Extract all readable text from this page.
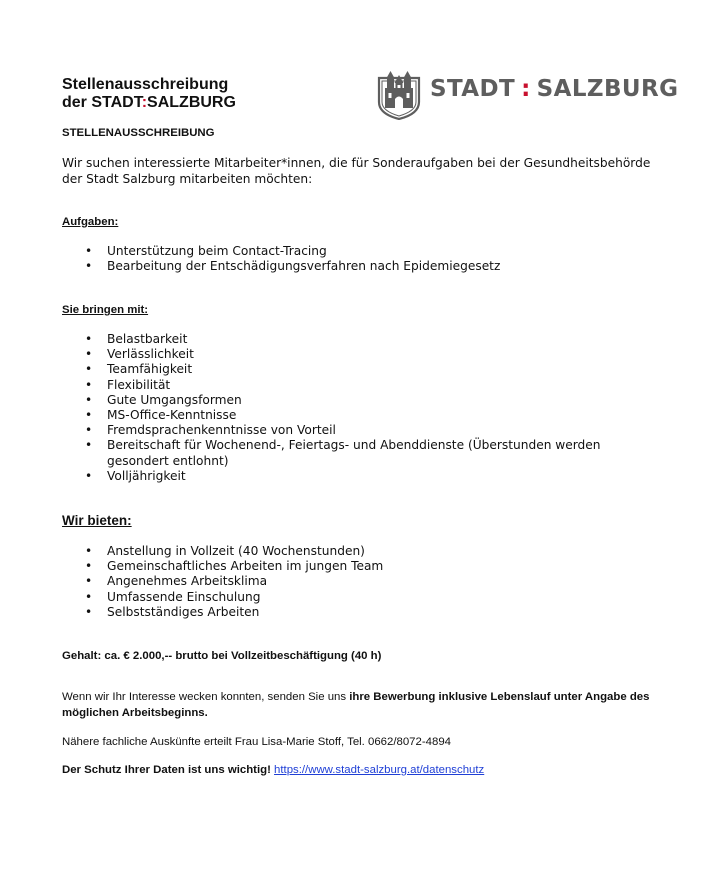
Stellenausschreibung
der STADT:SALZBURG
STADT : SALZBURG
STELLENAUSSCHREIBUNG
Wir suchen interessierte Mitarbeiter*innen, die für Sonderaufgaben bei der Gesundheitsbehörde der Stadt Salzburg mitarbeiten möchten:
Aufgaben:
• Unterstützung beim Contact-Tracing
• Bearbeitung der Entschädigungsverfahren nach Epidemiegesetz
Sie bringen mit:
• Belastbarkeit
• Verlässlichkeit
• Teamfähigkeit
• Flexibilität
• Gute Umgangsformen
• MS-Office-Kenntnisse
• Fremdsprachenkenntnisse von Vorteil
• Bereitschaft für Wochenend-, Feiertags- und Abenddienste (Überstunden werden gesondert entlohnt)
• Volljährigkeit
Wir bieten:
• Anstellung in Vollzeit (40 Wochenstunden)
• Gemeinschaftliches Arbeiten im jungen Team
• Angenehmes Arbeitsklima
• Umfassende Einschulung
• Selbstständiges Arbeiten
Gehalt: ca. € 2.000,-- brutto bei Vollzeitbeschäftigung (40 h)
Wenn wir Ihr Interesse wecken konnten, senden Sie uns ihre Bewerbung inklusive Lebenslauf unter Angabe des möglichen Arbeitsbeginns.
Nähere fachliche Auskünfte erteilt Frau Lisa-Marie Stoff, Tel. 0662/8072-4894
Der Schutz Ihrer Daten ist uns wichtig! https://www.stadt-salzburg.at/datenschutz
